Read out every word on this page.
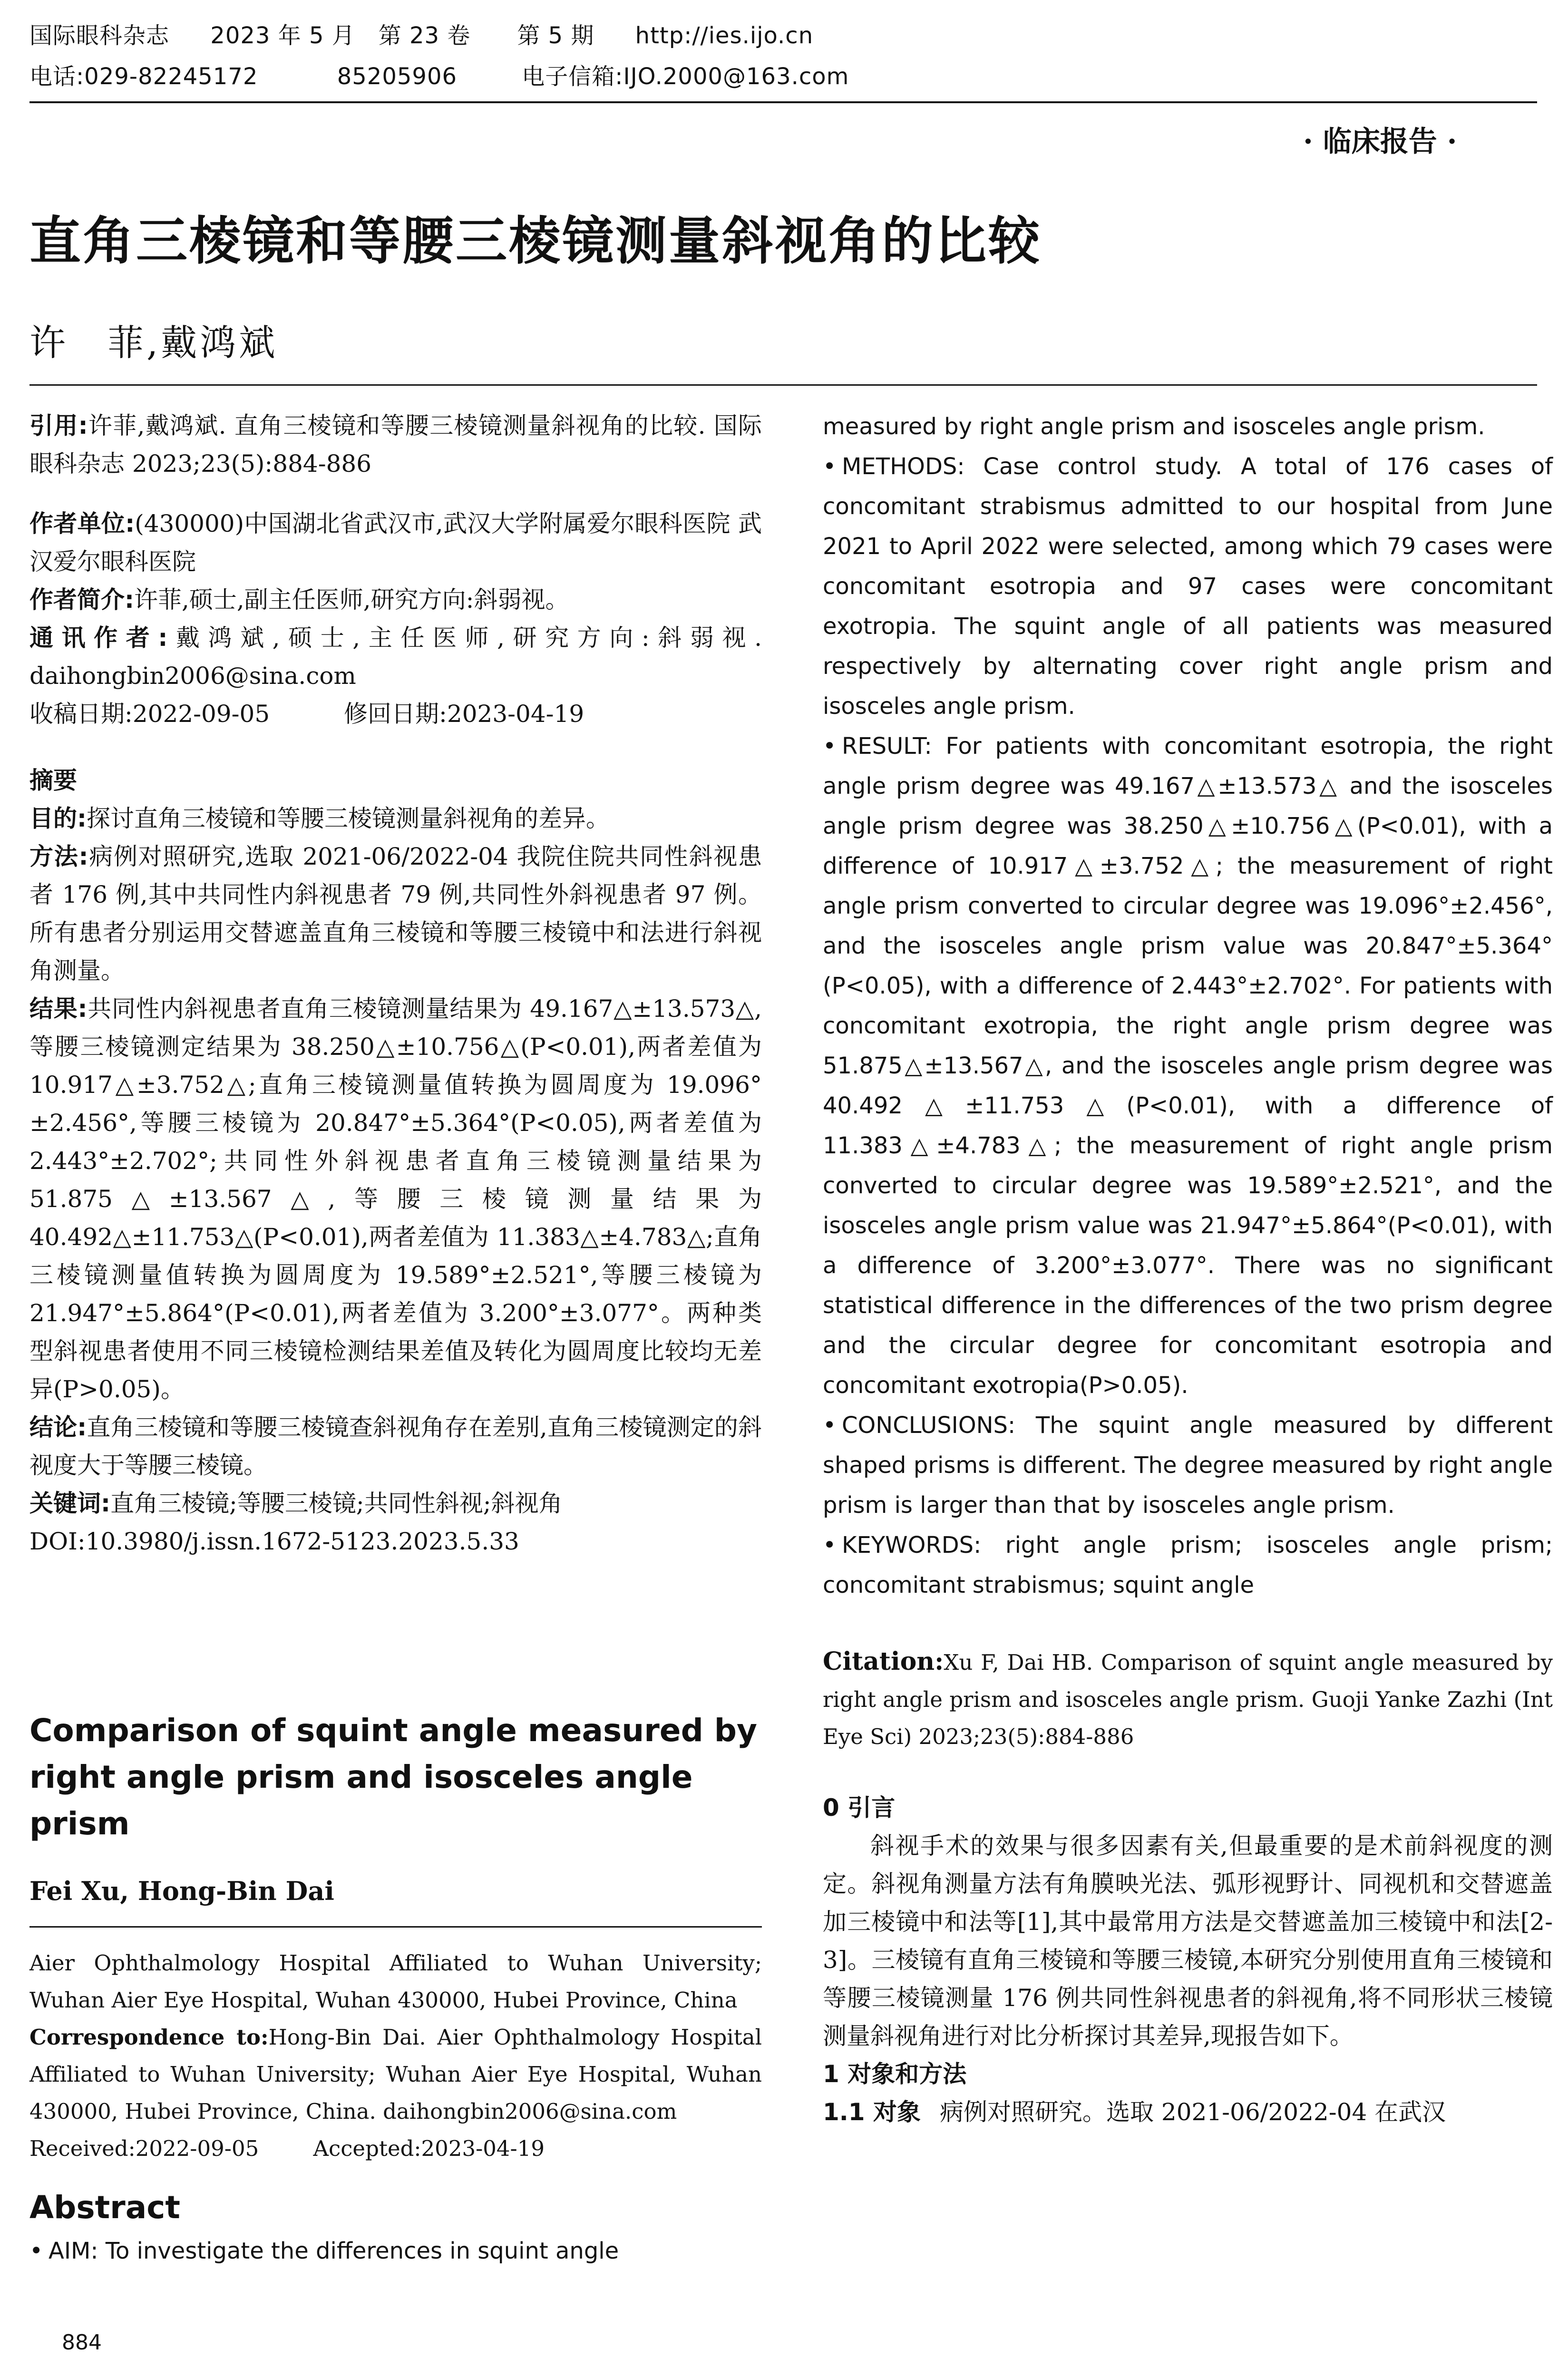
国际眼科杂志 2023 年 5 月　第 23 卷　　第 5 期 http://ies.ijo.cn
电话:029-82245172	85205906	电子信箱:IJO.2000@163.com
· 临床报告 ·
直角三棱镜和等腰三棱镜测量斜视角的比较
许　菲,戴鸿斌
引用:许菲,戴鸿斌. 直角三棱镜和等腰三棱镜测量斜视角的比较. 国际眼科杂志 2023;23(5):884-886
作者单位:(430000)中国湖北省武汉市,武汉大学附属爱尔眼科医院 武汉爱尔眼科医院
作者简介:许菲,硕士,副主任医师,研究方向:斜弱视。
通讯作者:戴鸿斌,硕士,主任医师,研究方向:斜弱视. daihongbin2006@sina.com
收稿日期:2022-09-05	修回日期:2023-04-19
摘要
目的:探讨直角三棱镜和等腰三棱镜测量斜视角的差异。
方法:病例对照研究,选取 2021-06/2022-04 我院住院共同性斜视患者 176 例,其中共同性内斜视患者 79 例,共同性外斜视患者 97 例。所有患者分别运用交替遮盖直角三棱镜和等腰三棱镜中和法进行斜视角测量。
结果:共同性内斜视患者直角三棱镜测量结果为 49.167△±13.573△,等腰三棱镜测定结果为 38.250△±10.756△(P<0.01),两者差值为 10.917△±3.752△;直角三棱镜测量值转换为圆周度为 19.096°±2.456°,等腰三棱镜为 20.847°±5.364°(P<0.05),两者差值为 2.443°±2.702°;共同性外斜视患者直角三棱镜测量结果为 51.875△±13.567△,等腰三棱镜测量结果为 40.492△±11.753△(P<0.01),两者差值为 11.383△±4.783△;直角三棱镜测量值转换为圆周度为 19.589°±2.521°,等腰三棱镜为 21.947°±5.864°(P<0.01),两者差值为 3.200°±3.077°。两种类型斜视患者使用不同三棱镜检测结果差值及转化为圆周度比较均无差异(P>0.05)。
结论:直角三棱镜和等腰三棱镜查斜视角存在差别,直角三棱镜测定的斜视度大于等腰三棱镜。
关键词:直角三棱镜;等腰三棱镜;共同性斜视;斜视角
DOI:10.3980/j.issn.1672-5123.2023.5.33
Comparison of squint angle measured by right angle prism and isosceles angle prism
Fei Xu, Hong-Bin Dai
Aier Ophthalmology Hospital Affiliated to Wuhan University; Wuhan Aier Eye Hospital, Wuhan 430000, Hubei Province, China
Correspondence to:Hong-Bin Dai. Aier Ophthalmology Hospital Affiliated to Wuhan University; Wuhan Aier Eye Hospital, Wuhan 430000, Hubei Province, China. daihongbin2006@sina.com
Received:2022-09-05	Accepted:2023-04-19
Abstract
• AIM: To investigate the differences in squint angle
measured by right angle prism and isosceles angle prism.
• METHODS: Case control study. A total of 176 cases of concomitant strabismus admitted to our hospital from June 2021 to April 2022 were selected, among which 79 cases were concomitant esotropia and 97 cases were concomitant exotropia. The squint angle of all patients was measured respectively by alternating cover right angle prism and isosceles angle prism.
• RESULT: For patients with concomitant esotropia, the right angle prism degree was 49.167△±13.573△ and the isosceles angle prism degree was 38.250△±10.756△(P<0.01), with a difference of 10.917△±3.752△; the measurement of right angle prism converted to circular degree was 19.096°±2.456°, and the isosceles angle prism value was 20.847°±5.364°(P<0.05), with a difference of 2.443°±2.702°. For patients with concomitant exotropia, the right angle prism degree was 51.875△±13.567△, and the isosceles angle prism degree was 40.492△±11.753△(P<0.01), with a difference of 11.383△±4.783△; the measurement of right angle prism converted to circular degree was 19.589°±2.521°, and the isosceles angle prism value was 21.947°±5.864°(P<0.01), with a difference of 3.200°±3.077°. There was no significant statistical difference in the differences of the two prism degree and the circular degree for concomitant esotropia and concomitant exotropia(P>0.05).
• CONCLUSIONS: The squint angle measured by different shaped prisms is different. The degree measured by right angle prism is larger than that by isosceles angle prism.
• KEYWORDS: right angle prism; isosceles angle prism; concomitant strabismus; squint angle
Citation:Xu F, Dai HB. Comparison of squint angle measured by right angle prism and isosceles angle prism. Guoji Yanke Zazhi (Int Eye Sci) 2023;23(5):884-886
0 引言
斜视手术的效果与很多因素有关,但最重要的是术前斜视度的测定。斜视角测量方法有角膜映光法、弧形视野计、同视机和交替遮盖加三棱镜中和法等[1],其中最常用方法是交替遮盖加三棱镜中和法[2-3]。三棱镜有直角三棱镜和等腰三棱镜,本研究分别使用直角三棱镜和等腰三棱镜测量 176 例共同性斜视患者的斜视角,将不同形状三棱镜测量斜视角进行对比分析探讨其差异,现报告如下。
1 对象和方法
1.1 对象 病例对照研究。选取 2021-06/2022-04 在武汉
884
